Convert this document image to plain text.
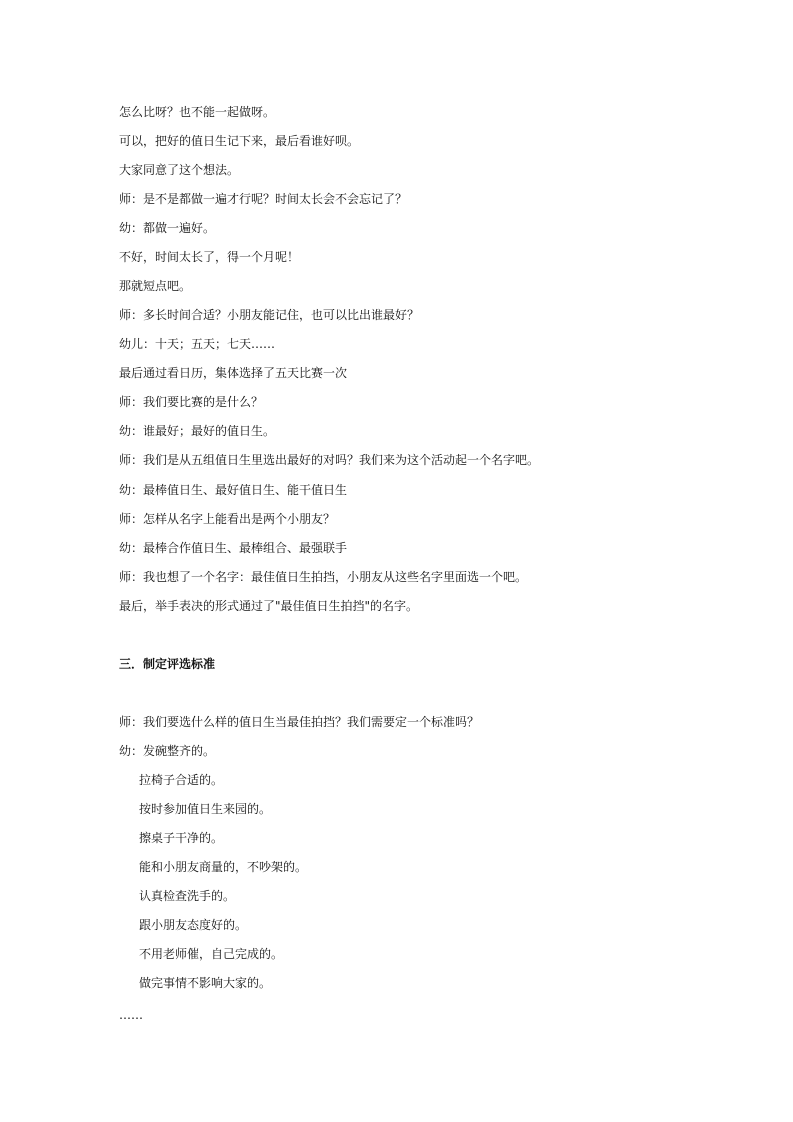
怎么比呀？也不能一起做呀。
可以，把好的值日生记下来，最后看谁好呗。
大家同意了这个想法。
师：是不是都做一遍才行呢？时间太长会不会忘记了？
幼：都做一遍好。
不好，时间太长了，得一个月呢！
那就短点吧。
师：多长时间合适？小朋友能记住，也可以比出谁最好？
幼儿：十天；五天；七天……
最后通过看日历，集体选择了五天比赛一次
师：我们要比赛的是什么？
幼：谁最好；最好的值日生。
师：我们是从五组值日生里选出最好的对吗？我们来为这个活动起一个名字吧。
幼：最棒值日生、最好值日生、能干值日生
师：怎样从名字上能看出是两个小朋友？
幼：最棒合作值日生、最棒组合、最强联手
师：我也想了一个名字：最佳值日生拍挡，小朋友从这些名字里面选一个吧。
最后，举手表决的形式通过了"最佳值日生拍挡"的名字。
三．制定评选标准
师：我们要选什么样的值日生当最佳拍挡？我们需要定一个标准吗？
幼：发碗整齐的。
拉椅子合适的。
按时参加值日生来园的。
擦桌子干净的。
能和小朋友商量的，不吵架的。
认真检查洗手的。
跟小朋友态度好的。
不用老师催，自己完成的。
做完事情不影响大家的。
……
